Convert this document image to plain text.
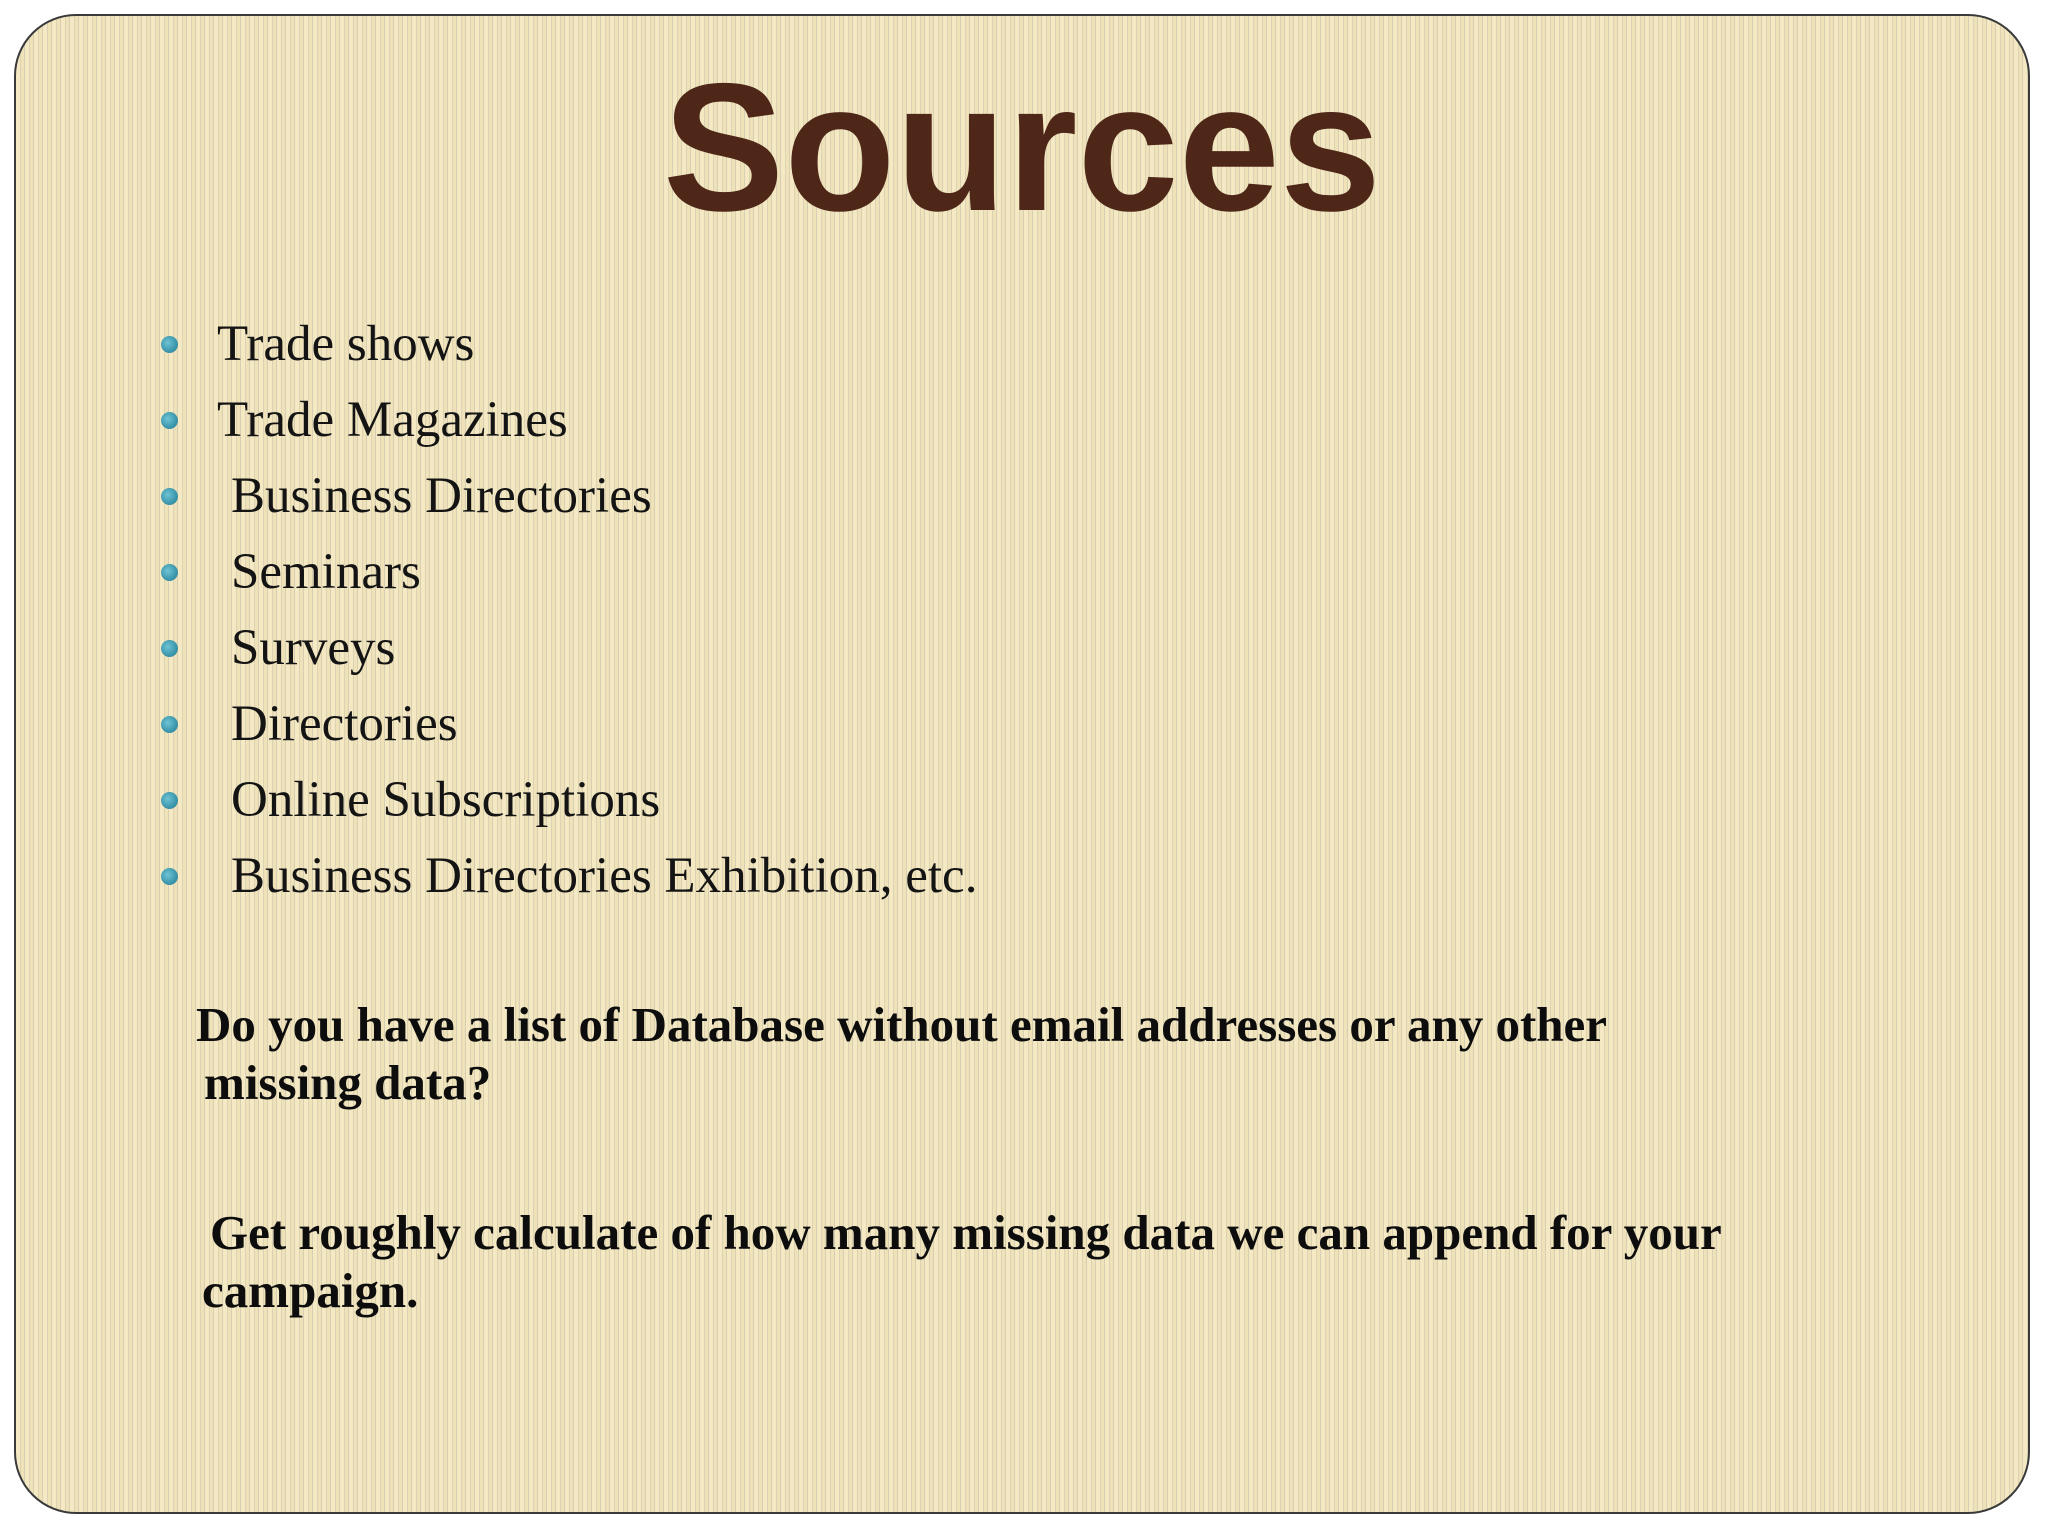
Sources
Trade shows
Trade Magazines
Business Directories
Seminars
Surveys
Directories
Online Subscriptions
Business Directories Exhibition, etc.
Do you have a list of Database without email addresses or any other
missing data?
Get roughly calculate of how many missing data we can append for your
campaign.
